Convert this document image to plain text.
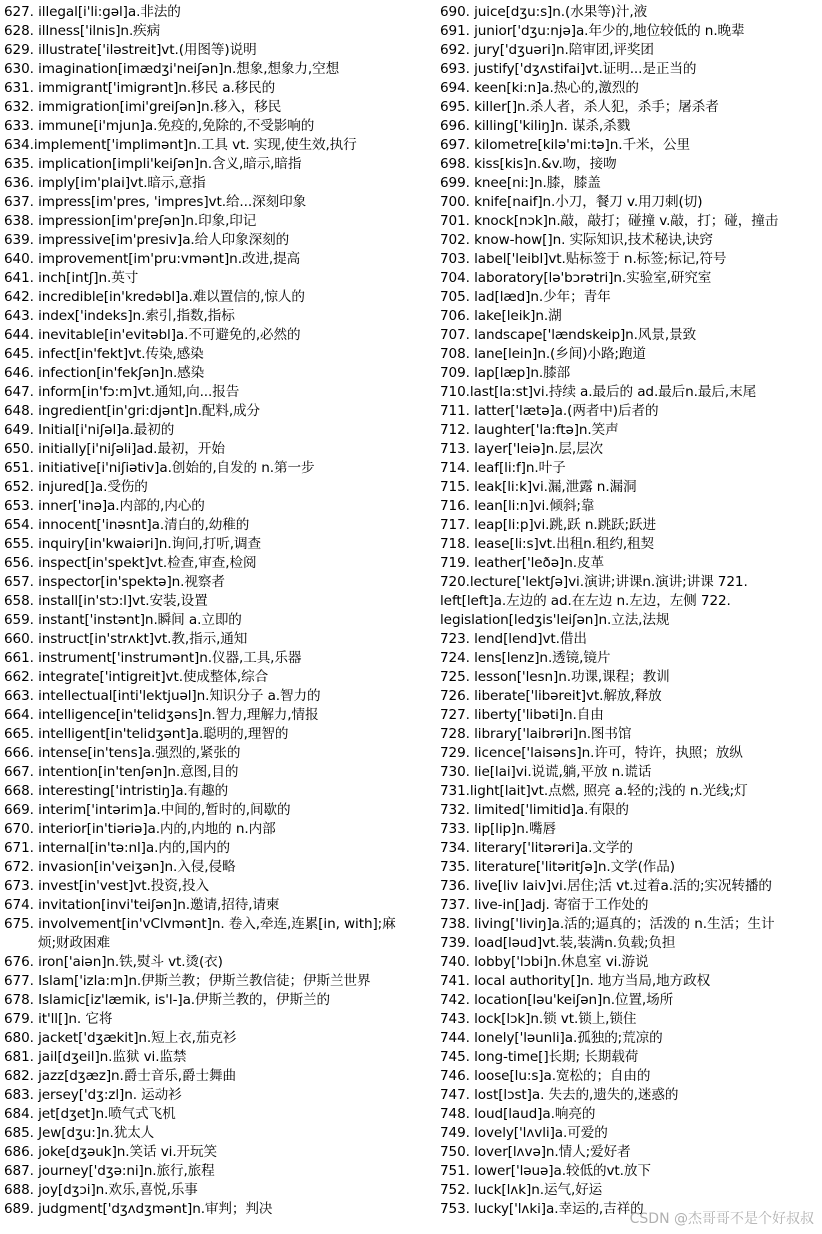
627. illegal[i'li:gəl]a.非法的
628. illness['ilnis]n.疾病
629. illustrate['iləstreit]vt.(用图等)说明
630. imagination[imædʒi'neiʃən]n.想象,想象力,空想
631. immigrant['imigrənt]n.移民 a.移民的
632. immigration[imi'greiʃən]n.移入，移民
633. immune[i'mjun]a.免疫的,免除的,不受影响的
634.implement['implimənt]n.工具 vt. 实现,使生效,执行
635. implication[impli'keiʃən]n.含义,暗示,暗指
636. imply[im'plai]vt.暗示,意指
637. impress[im'pres, 'impres]vt.给...深刻印象
638. impression[im'preʃən]n.印象,印记
639. impressive[im'presiv]a.给人印象深刻的
640. improvement[im'pru:vmənt]n.改进,提高
641. inch[intʃ]n.英寸
642. incredible[in'kredəbl]a.难以置信的,惊人的
643. index['indeks]n.索引,指数,指标
644. inevitable[in'evitəbl]a.不可避免的,必然的
645. infect[in'fekt]vt.传染,感染
646. infection[in'fekʃən]n.感染
647. inform[in'fɔ:m]vt.通知,向...报告
648. ingredient[in'gri:djənt]n.配料,成分
649. Initial[i'niʃəl]a.最初的
650. initially[i'niʃəli]ad.最初，开始
651. initiative[i'niʃiətiv]a.创始的,自发的 n.第一步
652. injured[]a.受伤的
653. inner['inə]a.内部的,内心的
654. innocent['inəsnt]a.清白的,幼稚的
655. inquiry[in'kwaiəri]n.询问,打听,调查
656. inspect[in'spekt]vt.检查,审查,检阅
657. inspector[in'spektə]n.视察者
658. install[in'stɔ:l]vt.安装,设置
659. instant['instənt]n.瞬间 a.立即的
660. instruct[in'strʌkt]vt.教,指示,通知
661. instrument['instrumənt]n.仪器,工具,乐器
662. integrate['intigreit]vt.使成整体,综合
663. intellectual[inti'lektjuəl]n.知识分子 a.智力的
664. intelligence[in'telidʒəns]n.智力,理解力,情报
665. intelligent[in'telidʒənt]a.聪明的,理智的
666. intense[in'tens]a.强烈的,紧张的
667. intention[in'tenʃən]n.意图,目的
668. interesting['intristiŋ]a.有趣的
669. interim['intərim]a.中间的,暂时的,间歇的
670. interior[in'tiəriə]a.内的,内地的 n.内部
671. internal[in'tə:nl]a.内的,国内的
672. invasion[in'veiʒən]n.入侵,侵略
673. invest[in'vest]vt.投资,投入
674. invitation[invi'teiʃən]n.邀请,招待,请柬
675. involvement[in'vClvmənt]n. 卷入,牵连,连累[in, with];麻烦;财政困难
676. iron['aiən]n.铁,熨斗 vt.烫(衣)
677. Islam['izla:m]n.伊斯兰教；伊斯兰教信徒；伊斯兰世界
678. Islamic[iz'læmik, is'l-]a.伊斯兰教的，伊斯兰的
679. it'll[]n. 它将
680. jacket['dʒækit]n.短上衣,茄克衫
681. jail[dʒeil]n.监狱 vi.监禁
682. jazz[dʒæz]n.爵士音乐,爵士舞曲
683. jersey['dʒ:zl]n. 运动衫
684. jet[dʒet]n.喷气式飞机
685. Jew[dʒu:]n.犹太人
686. joke[dʒəuk]n.笑话 vi.开玩笑
687. journey['dʒə:ni]n.旅行,旅程
688. joy[dʒɔi]n.欢乐,喜悦,乐事
689. judgment['dʒʌdʒmənt]n.审判；判决
690. juice[dʒu:s]n.(水果等)汁,液
691. junior['dʒu:njə]a.年少的,地位较低的 n.晚辈
692. jury['dʒuəri]n.陪审团,评奖团
693. justify['dʒʌstifai]vt.证明...是正当的
694. keen[ki:n]a.热心的,激烈的
695. killer[]n.杀人者，杀人犯，杀手；屠杀者
696. killing['kiliŋ]n. 谋杀,杀戮
697. kilometre[kilə'mi:tə]n.千米，公里
698. kiss[kis]n.&v.吻，接吻
699. knee[ni:]n.膝，膝盖
700. knife[naif]n.小刀，餐刀 v.用刀刺(切)
701. knock[nɔk]n.敲，敲打；碰撞 v.敲，打；碰，撞击
702. know-how[]n. 实际知识,技术秘诀,诀窍
703. label['leibl]vt.贴标签于 n.标签;标记,符号
704. laboratory[lə'bɔrətri]n.实验室,研究室
705. lad[læd]n.少年；青年
706. lake[leik]n.湖
707. landscape['lændskeip]n.风景,景致
708. lane[lein]n.(乡间)小路;跑道
709. lap[læp]n.膝部
710.last[la:st]vi.持续 a.最后的 ad.最后n.最后,末尾
711. latter['lætə]a.(两者中)后者的
712. laughter['la:ftə]n.笑声
713. layer['leiə]n.层,层次
714. leaf[li:f]n.叶子
715. leak[li:k]vi.漏,泄露 n.漏洞
716. lean[li:n]vi.倾斜;靠
717. leap[li:p]vi.跳,跃 n.跳跃;跃进
718. lease[li:s]vt.出租n.租约,租契
719. leather['leðə]n.皮革
720.lecture['lektʃə]vi.演讲;讲课n.演讲;讲课 721.
left[left]a.左边的 ad.在左边 n.左边，左侧 722.
legislation[ledʒis'leiʃən]n.立法,法规
723. lend[lend]vt.借出
724. lens[lenz]n.透镜,镜片
725. lesson['lesn]n.功课,课程；教训
726. liberate['libəreit]vt.解放,释放
727. liberty['libəti]n.自由
728. library['laibrəri]n.图书馆
729. licence['laisəns]n.许可，特许，执照；放纵
730. lie[lai]vi.说谎,躺,平放 n.谎话
731.light[lait]vt.点燃, 照亮 a.轻的;浅的 n.光线;灯
732. limited['limitid]a.有限的
733. lip[lip]n.嘴唇
734. literary['litərəri]a.文学的
735. literature['litəritʃə]n.文学(作品)
736. live[liv laiv]vi.居住;活 vt.过着a.活的;实况转播的
737. live-in[]adj. 寄宿于工作处的
738. living['liviŋ]a.活的;逼真的；活泼的 n.生活；生计
739. load[ləud]vt.装,装满n.负载;负担
740. lobby['lɔbi]n.休息室 vi.游说
741. local authority[]n. 地方当局,地方政权
742. location[ləu'keiʃən]n.位置,场所
743. lock[lɔk]n.锁 vt.锁上,锁住
744. lonely['ləunli]a.孤独的;荒凉的
745. long-time[]长期; 长期载荷
746. loose[lu:s]a.宽松的；自由的
747. lost[lɔst]a. 失去的,遗失的,迷惑的
748. loud[laud]a.响亮的
749. lovely['lʌvli]a.可爱的
750. lover[lʌvə]n.情人;爱好者
751. lower['ləuə]a.较低的vt.放下
752. luck[lʌk]n.运气,好运
753. lucky['lʌki]a.幸运的,吉祥的
CSDN @杰哥哥不是个好叔叔
